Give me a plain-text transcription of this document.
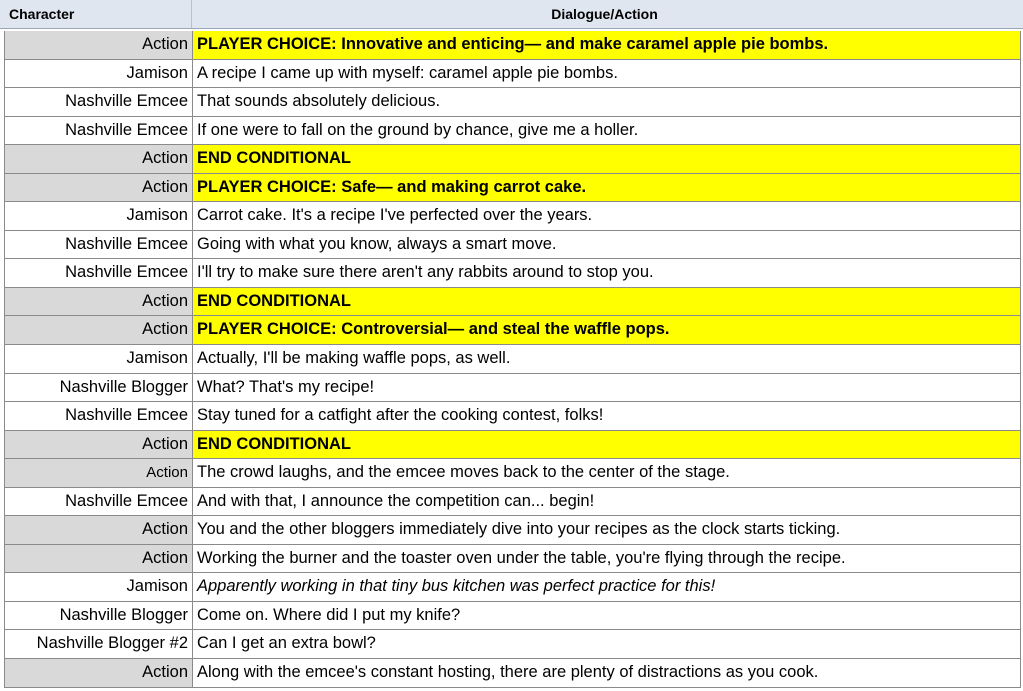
Character	Dialogue/Action
Action PLAYER CHOICE: Innovative and enticing— and make caramel apple pie bombs.
Jamison A recipe I came up with myself: caramel apple pie bombs.
Nashville Emcee That sounds absolutely delicious.
Nashville Emcee If one were to fall on the ground by chance, give me a holler.
Action END CONDITIONAL
Action PLAYER CHOICE: Safe— and making carrot cake.
Jamison Carrot cake. It's a recipe I've perfected over the years.
Nashville Emcee Going with what you know, always a smart move.
Nashville Emcee I'll try to make sure there aren't any rabbits around to stop you.
Action END CONDITIONAL
Action PLAYER CHOICE: Controversial— and steal the waffle pops.
Jamison Actually, I'll be making waffle pops, as well.
Nashville Blogger What? That's my recipe!
Nashville Emcee Stay tuned for a catfight after the cooking contest, folks!
Action END CONDITIONAL
Action The crowd laughs, and the emcee moves back to the center of the stage.
Nashville Emcee And with that, I announce the competition can... begin!
Action You and the other bloggers immediately dive into your recipes as the clock starts ticking.
Action Working the burner and the toaster oven under the table, you're flying through the recipe.
Jamison Apparently working in that tiny bus kitchen was perfect practice for this!
Nashville Blogger Come on. Where did I put my knife?
Nashville Blogger #2 Can I get an extra bowl?
Action Along with the emcee's constant hosting, there are plenty of distractions as you cook.
